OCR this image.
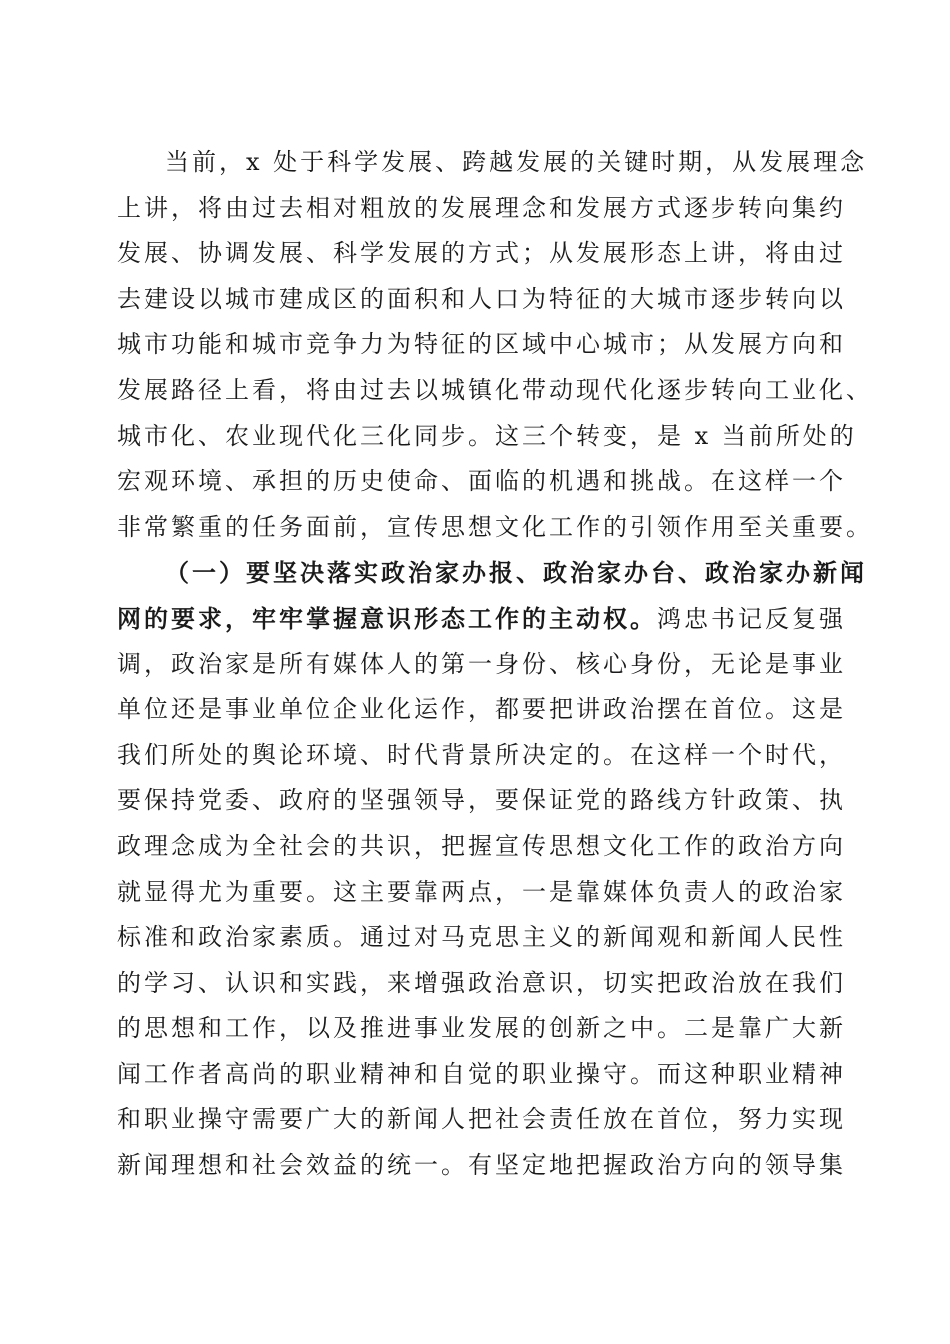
当前，x 处于科学发展、跨越发展的关键时期，从发展理念
上讲，将由过去相对粗放的发展理念和发展方式逐步转向集约
发展、协调发展、科学发展的方式；从发展形态上讲，将由过
去建设以城市建成区的面积和人口为特征的大城市逐步转向以
城市功能和城市竞争力为特征的区域中心城市；从发展方向和
发展路径上看，将由过去以城镇化带动现代化逐步转向工业化、
城市化、农业现代化三化同步。这三个转变，是 x 当前所处的
宏观环境、承担的历史使命、面临的机遇和挑战。在这样一个
非常繁重的任务面前，宣传思想文化工作的引领作用至关重要。
（一）要坚决落实政治家办报、政治家办台、政治家办新闻
网的要求，牢牢掌握意识形态工作的主动权。鸿忠书记反复强
调，政治家是所有媒体人的第一身份、核心身份，无论是事业
单位还是事业单位企业化运作，都要把讲政治摆在首位。这是
我们所处的舆论环境、时代背景所决定的。在这样一个时代，
要保持党委、政府的坚强领导，要保证党的路线方针政策、执
政理念成为全社会的共识，把握宣传思想文化工作的政治方向
就显得尤为重要。这主要靠两点，一是靠媒体负责人的政治家
标准和政治家素质。通过对马克思主义的新闻观和新闻人民性
的学习、认识和实践，来增强政治意识，切实把政治放在我们
的思想和工作，以及推进事业发展的创新之中。二是靠广大新
闻工作者高尚的职业精神和自觉的职业操守。而这种职业精神
和职业操守需要广大的新闻人把社会责任放在首位，努力实现
新闻理想和社会效益的统一。有坚定地把握政治方向的领导集
